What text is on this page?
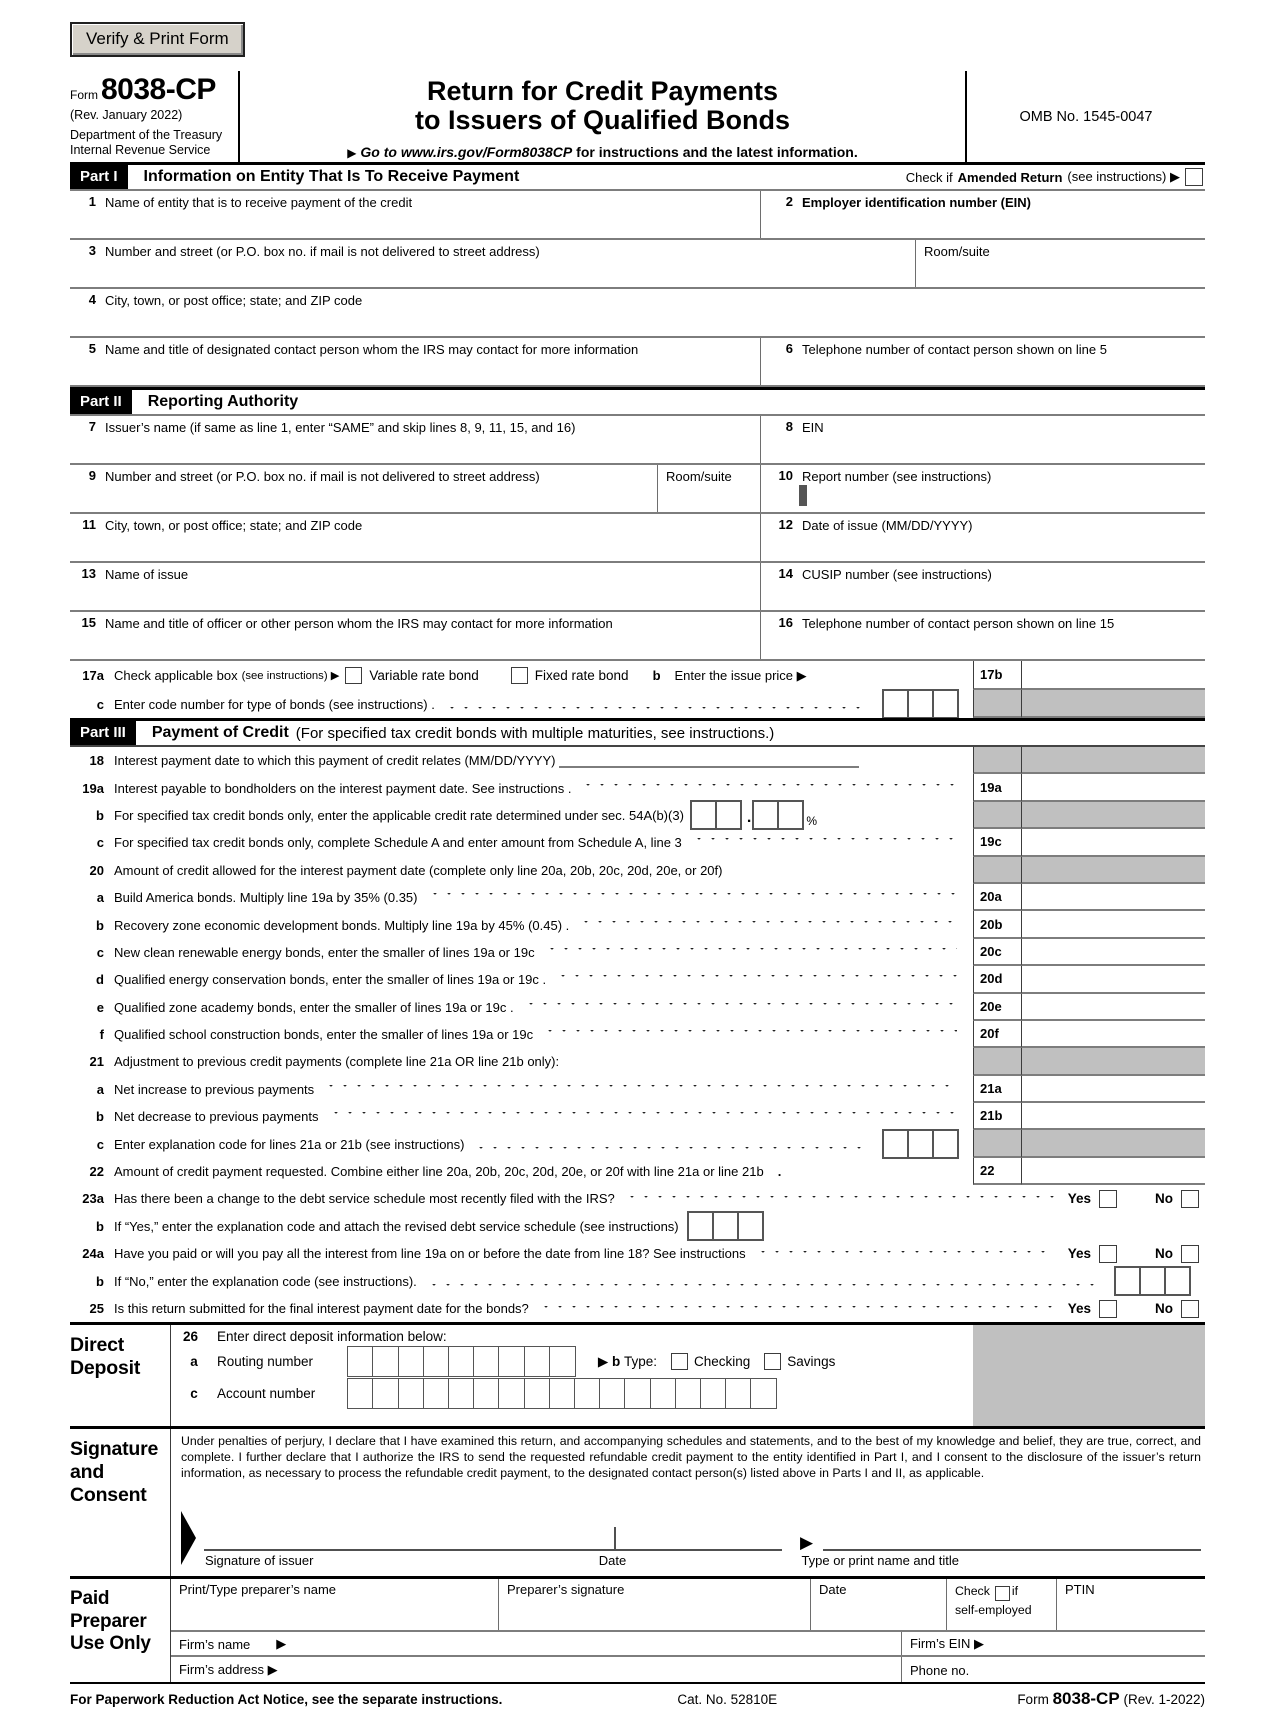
Verify & Print Form
Form 8038-CP
(Rev. January 2022)
Department of the Treasury
Internal Revenue Service
Return for Credit Payments
to Issuers of Qualified Bonds
▶ Go to www.irs.gov/Form8038CP for instructions and the latest information.
OMB No. 1545-0047
Part I	Information on Entity That Is To Receive Payment	Check if Amended Return (see instructions) ▶
1 Name of entity that is to receive payment of the credit	2 Employer identification number (EIN)
3 Number and street (or P.O. box no. if mail is not delivered to street address)	Room/suite
4 City, town, or post office; state; and ZIP code
5 Name and title of designated contact person whom the IRS may contact for more information	6 Telephone number of contact person shown on line 5
Part II	Reporting Authority
7 Issuer’s name (if same as line 1, enter “SAME” and skip lines 8, 9, 11, 15, and 16)	8 EIN
9 Number and street (or P.O. box no. if mail is not delivered to street address)	Room/suite	10 Report number (see instructions)
11 City, town, or post office; state; and ZIP code	12 Date of issue (MM/DD/YYYY)
13 Name of issue	14 CUSIP number (see instructions)
15 Name and title of officer or other person whom the IRS may contact for more information	16 Telephone number of contact person shown on line 15
17a Check applicable box (see instructions) ▶ Variable rate bond	Fixed rate bond b Enter the issue price ▶	17b
c Enter code number for type of bonds (see instructions) .
Part III	Payment of Credit (For specified tax credit bonds with multiple maturities, see instructions.)
18 Interest payment date to which this payment of credit relates (MM/DD/YYYY)
19a Interest payable to bondholders on the interest payment date. See instructions .	19a
b For specified tax credit bonds only, enter the applicable credit rate determined under sec. 54A(b)(3)	.	%
c For specified tax credit bonds only, complete Schedule A and enter amount from Schedule A, line 3	19c
20 Amount of credit allowed for the interest payment date (complete only line 20a, 20b, 20c, 20d, 20e, or 20f)
a Build America bonds. Multiply line 19a by 35% (0.35)	20a
b Recovery zone economic development bonds. Multiply line 19a by 45% (0.45) .	20b
c New clean renewable energy bonds, enter the smaller of lines 19a or 19c	20c
d Qualified energy conservation bonds, enter the smaller of lines 19a or 19c .	20d
e Qualified zone academy bonds, enter the smaller of lines 19a or 19c .	20e
f Qualified school construction bonds, enter the smaller of lines 19a or 19c	20f
21 Adjustment to previous credit payments (complete line 21a OR line 21b only):
a Net increase to previous payments	21a
b Net decrease to previous payments	21b
c Enter explanation code for lines 21a or 21b (see instructions)
22 Amount of credit payment requested. Combine either line 20a, 20b, 20c, 20d, 20e, or 20f with line 21a or line 21b .	22
23a Has there been a change to the debt service schedule most recently filed with the IRS?	Yes	No
b If “Yes,” enter the explanation code and attach the revised debt service schedule (see instructions)
24a Have you paid or will you pay all the interest from line 19a on or before the date from line 18? See instructions	Yes	No
b If “No,” enter the explanation code (see instructions).
25 Is this return submitted for the final interest payment date for the bonds?	Yes	No
Direct
Deposit
26	Enter direct deposit information below:
a	Routing number	▶ b
Type:	Checking	Savings
c	Account number
Signature
and
Consent
Under penalties of perjury, I declare that I have examined this return, and accompanying schedules and statements, and to the best of my knowledge and belief, they are true, correct, and complete. I further declare that I authorize the IRS to send the requested refundable credit payment to the entity identified in Part I, and I consent to the disclosure of the issuer’s return information, as necessary to process the refundable credit payment, to the designated contact person(s) listed above in Parts I and II, as applicable.
▶
Signature of issuer	Date	Type or print name and title
Paid
Preparer
Use Only
Print/Type preparer’s name	Preparer’s signature	Date	Check if
self-employed
PTIN
Firm’s name ▶	Firm’s EIN ▶
Firm’s address ▶	Phone no.
For Paperwork Reduction Act Notice, see the separate instructions.	Cat. No. 52810E	Form 8038-CP (Rev. 1-2022)
